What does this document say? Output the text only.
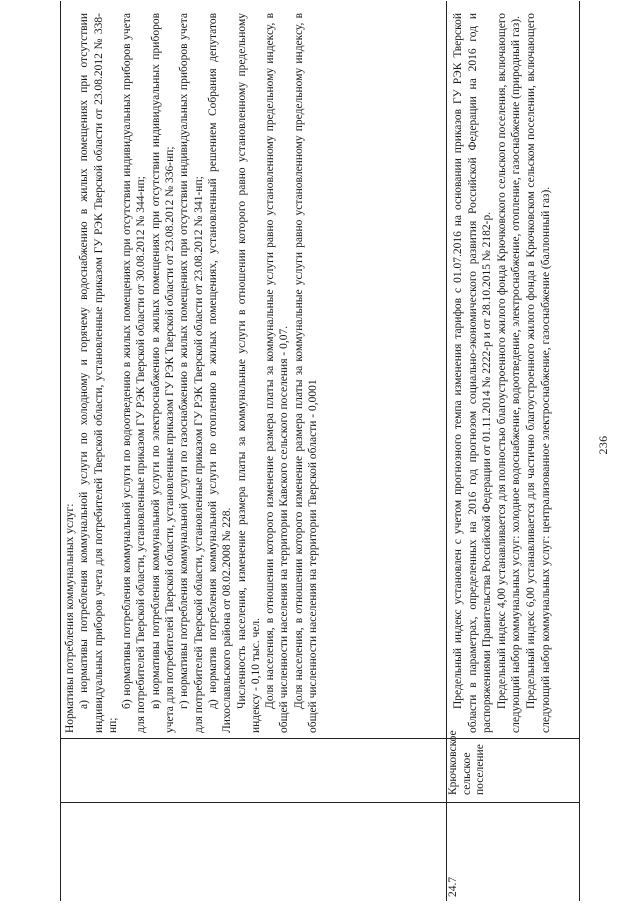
236

Нормативы потребления коммунальных услуг: а) нормативы потребления коммунальной услуги по холодному и горячему водоснабжению в жилых помещениях при отсутствии индивидуальных приборов учета для потребителей Тверской области, установленные приказом ГУ РЭК Тверской области от 23.08.2012 № 338-нп;

б) нормативы потребления коммунальной услуги по водоотведению в жилых помещениях при отсутствии индивидуальных приборов учета для потребителей Тверской области, установленные приказом ГУ РЭК Тверской области от 30.08.2012 № 344-нп; в) нормативы потребления коммунальной услуги по электроснабжению в жилых помещениях при отсутствии индивидуальных приборов учета для потребителей Тверской области, установленные приказом ГУ РЭК Тверской области от 23.08.2012 № 336-нп; г) нормативы потребления коммунальной услуги по газоснабжению в жилых помещениях при отсутствии индивидуальных приборов учета для потребителей Тверской области, установленные приказом ГУ РЭК Тверской области от 23.08.2012 № 341-нп; д) норматив потребления коммунальной услуги по отоплению в жилых помещениях, установленный решением Собрания депутатов Лихославльского района от 08.02.2008 № 228. Численность населения, изменение размера платы за коммунальные услуги в отношении которого равно установленному предельному индексу - 0,10 тыс. чел. Доля населения, в отношении которого изменение размера платы за коммунальные услуги равно установленному предельному индексу, в общей численности населения на территории Кавского сельского поселения - 0,07. Доля населения, в отношении которого изменение размера платы за коммунальные услуги равно установленному предельному индексу, в общей численности населения на территории Тверской области - 0,0001

24.7
Крючковское
сельское
поселение

Предельный индекс установлен с учетом прогнозного темпа изменения тарифов с 01.07.2016 на основании приказов ГУ РЭК Тверской области в параметрах, определенных на 2016 год прогнозом социально-экономического развития Российской Федерации на 2016 год и распоряжениями Правительства Российской Федерации от 01.11.2014 № 2222-р и от 28.10.2015 № 2182-р. Предельный индекс 4,00 устанавливается для полностью благоустроенного жилого фонда Крючковского сельского поселения, включающего следующий набор коммунальных услуг: холодное водоснабжение, водоотведение, электроснабжение, отопление, газоснабжение (природный газ). Предельный индекс 6,00 устанавливается для частично благоустроенного жилого фонда в Крючковском сельском поселении, включающего следующий набор коммунальных услуг: централизованное электроснабжение, газоснабжение (баллонный газ).
